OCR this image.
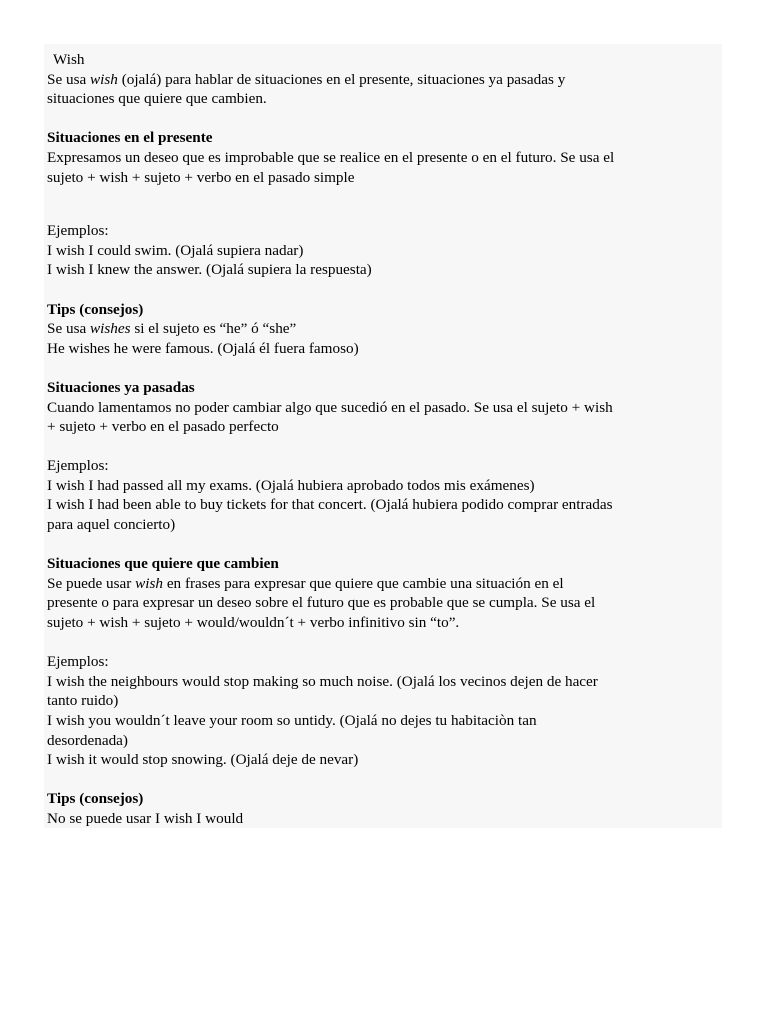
Wish
Se usa wish (ojalá) para hablar de situaciones en el presente, situaciones ya pasadas y
situaciones que quiere que cambien.
Situaciones en el presente
Expresamos un deseo que es improbable que se realice en el presente o en el futuro. Se usa el
sujeto + wish + sujeto + verbo en el pasado simple
Ejemplos:
I wish I could swim. (Ojalá supiera nadar)
I wish I knew the answer. (Ojalá supiera la respuesta)
Tips (consejos)
Se usa wishes si el sujeto es “he” ó “she”
He wishes he were famous. (Ojalá él fuera famoso)
Situaciones ya pasadas
Cuando lamentamos no poder cambiar algo que sucedió en el pasado. Se usa el sujeto + wish
+ sujeto + verbo en el pasado perfecto
Ejemplos:
I wish I had passed all my exams. (Ojalá hubiera aprobado todos mis exámenes)
I wish I had been able to buy tickets for that concert. (Ojalá hubiera podido comprar entradas
para aquel concierto)
Situaciones que quiere que cambien
Se puede usar wish en frases para expresar que quiere que cambie una situación en el
presente o para expresar un deseo sobre el futuro que es probable que se cumpla. Se usa el
sujeto + wish + sujeto + would/wouldn´t + verbo infinitivo sin “to”.
Ejemplos:
I wish the neighbours would stop making so much noise. (Ojalá los vecinos dejen de hacer
tanto ruido)
I wish you wouldn´t leave your room so untidy. (Ojalá no dejes tu habitaciòn tan
desordenada)
I wish it would stop snowing. (Ojalá deje de nevar)
Tips (consejos)
No se puede usar I wish I would
